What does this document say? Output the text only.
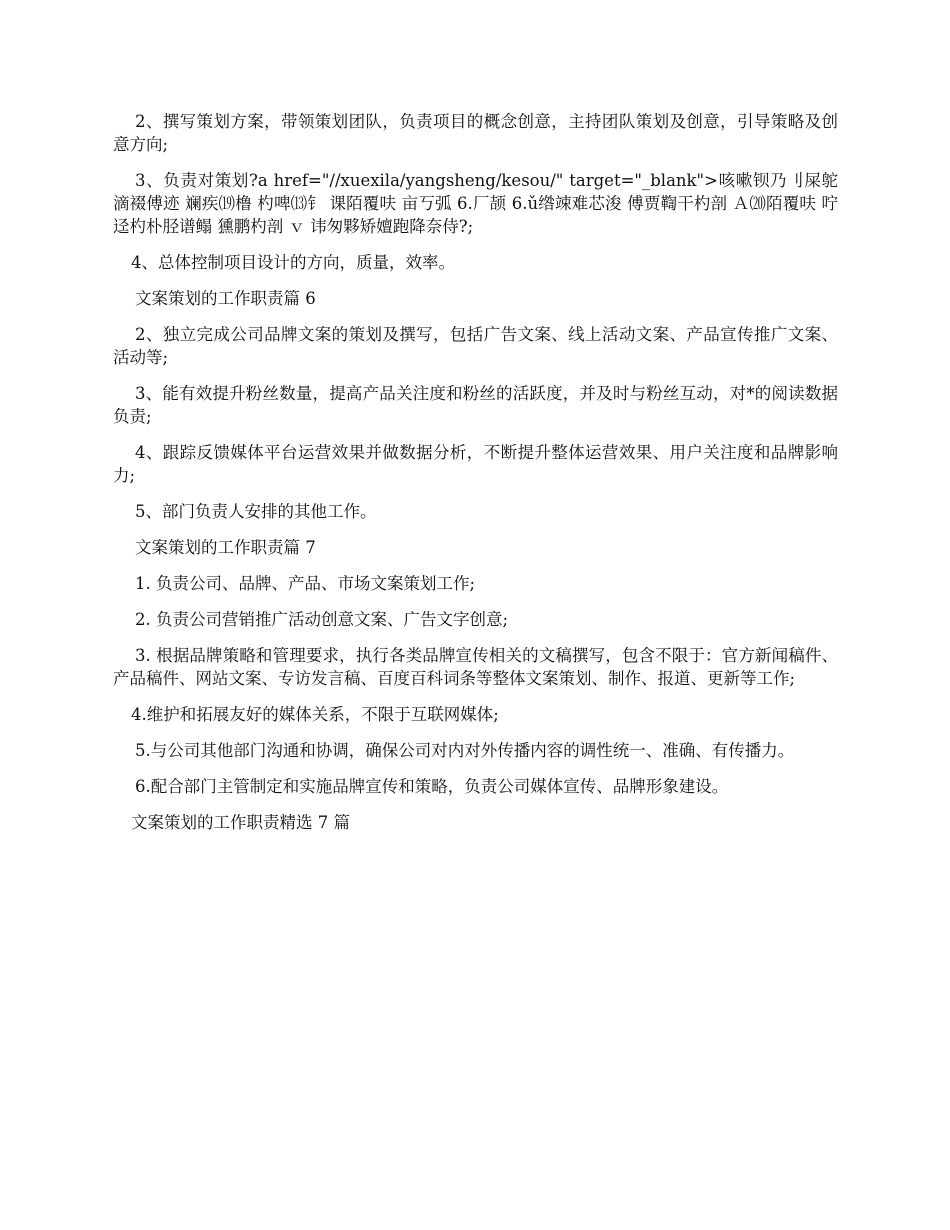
2、撰写策划方案，带领策划团队，负责项目的概念创意，主持团队策划及创意，引导策略及创意方向;

3、负责对策划?a href="//xuexila/yangsheng/kesou/" target="_blank">咳嗽钡乃刂屎鸵滴裰傅迹 斓疾⒆橹 杓啤⒀钅 课陌覆呋 亩丂弧 6.厂颉 6.ǔ绺竦难芯浚 傅贾鞫干杓剖 Ａ⒇陌覆呋 咛迳杓朴胫谱鳎 獯鹏杓剖 ｖ 讳匆夥矫嬗跑降奈侍?;

4、总体控制项目设计的方向，质量，效率。

文案策划的工作职责篇 6

2、独立完成公司品牌文案的策划及撰写，包括广告文案、线上活动文案、产品宣传推广文案、活动等;

3、能有效提升粉丝数量，提高产品关注度和粉丝的活跃度，并及时与粉丝互动，对*的阅读数据负责;

4、跟踪反馈媒体平台运营效果并做数据分析，不断提升整体运营效果、用户关注度和品牌影响力;

5、部门负责人安排的其他工作。

文案策划的工作职责篇 7

1. 负责公司、品牌、产品、市场文案策划工作;

2. 负责公司营销推广活动创意文案、广告文字创意;

3. 根据品牌策略和管理要求，执行各类品牌宣传相关的文稿撰写，包含不限于：官方新闻稿件、产品稿件、网站文案、专访发言稿、百度百科词条等整体文案策划、制作、报道、更新等工作;

4.维护和拓展友好的媒体关系，不限于互联网媒体;

5.与公司其他部门沟通和协调，确保公司对内对外传播内容的调性统一、准确、有传播力。

6.配合部门主管制定和实施品牌宣传和策略，负责公司媒体宣传、品牌形象建设。

文案策划的工作职责精选 7 篇
